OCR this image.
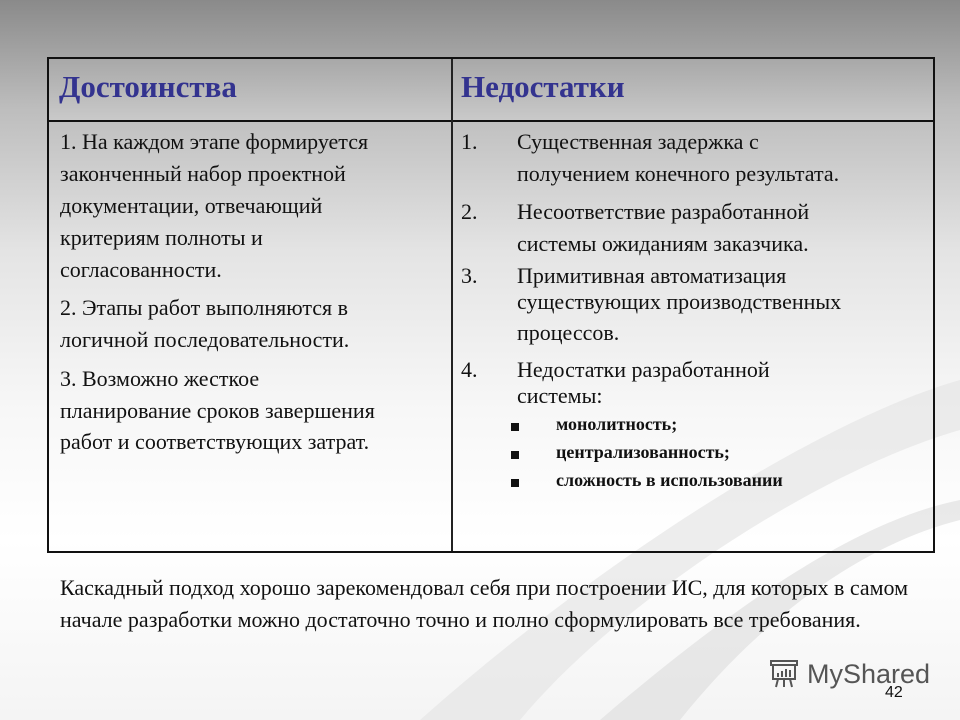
Достоинства	Недостатки
1. На каждом этапе формируется
законченный набор проектной
документации, отвечающий
критериям полноты и
согласованности.
2. Этапы работ выполняются в
логичной последовательности.
3. Возможно жесткое
планирование сроков завершения
работ и соответствующих затрат.
1. Существенная задержка с
получением конечного результата.
2. Несоответствие разработанной
системы ожиданиям заказчика.
3. Примитивная автоматизация
существующих производственных
процессов.
4. Недостатки разработанной
системы:
монолитность;
централизованность;
сложность в использовании
Каскадный подход хорошо зарекомендовал себя при построении ИС, для которых в самом начале разработки можно достаточно точно и полно сформулировать все требования.
MyShared
42
